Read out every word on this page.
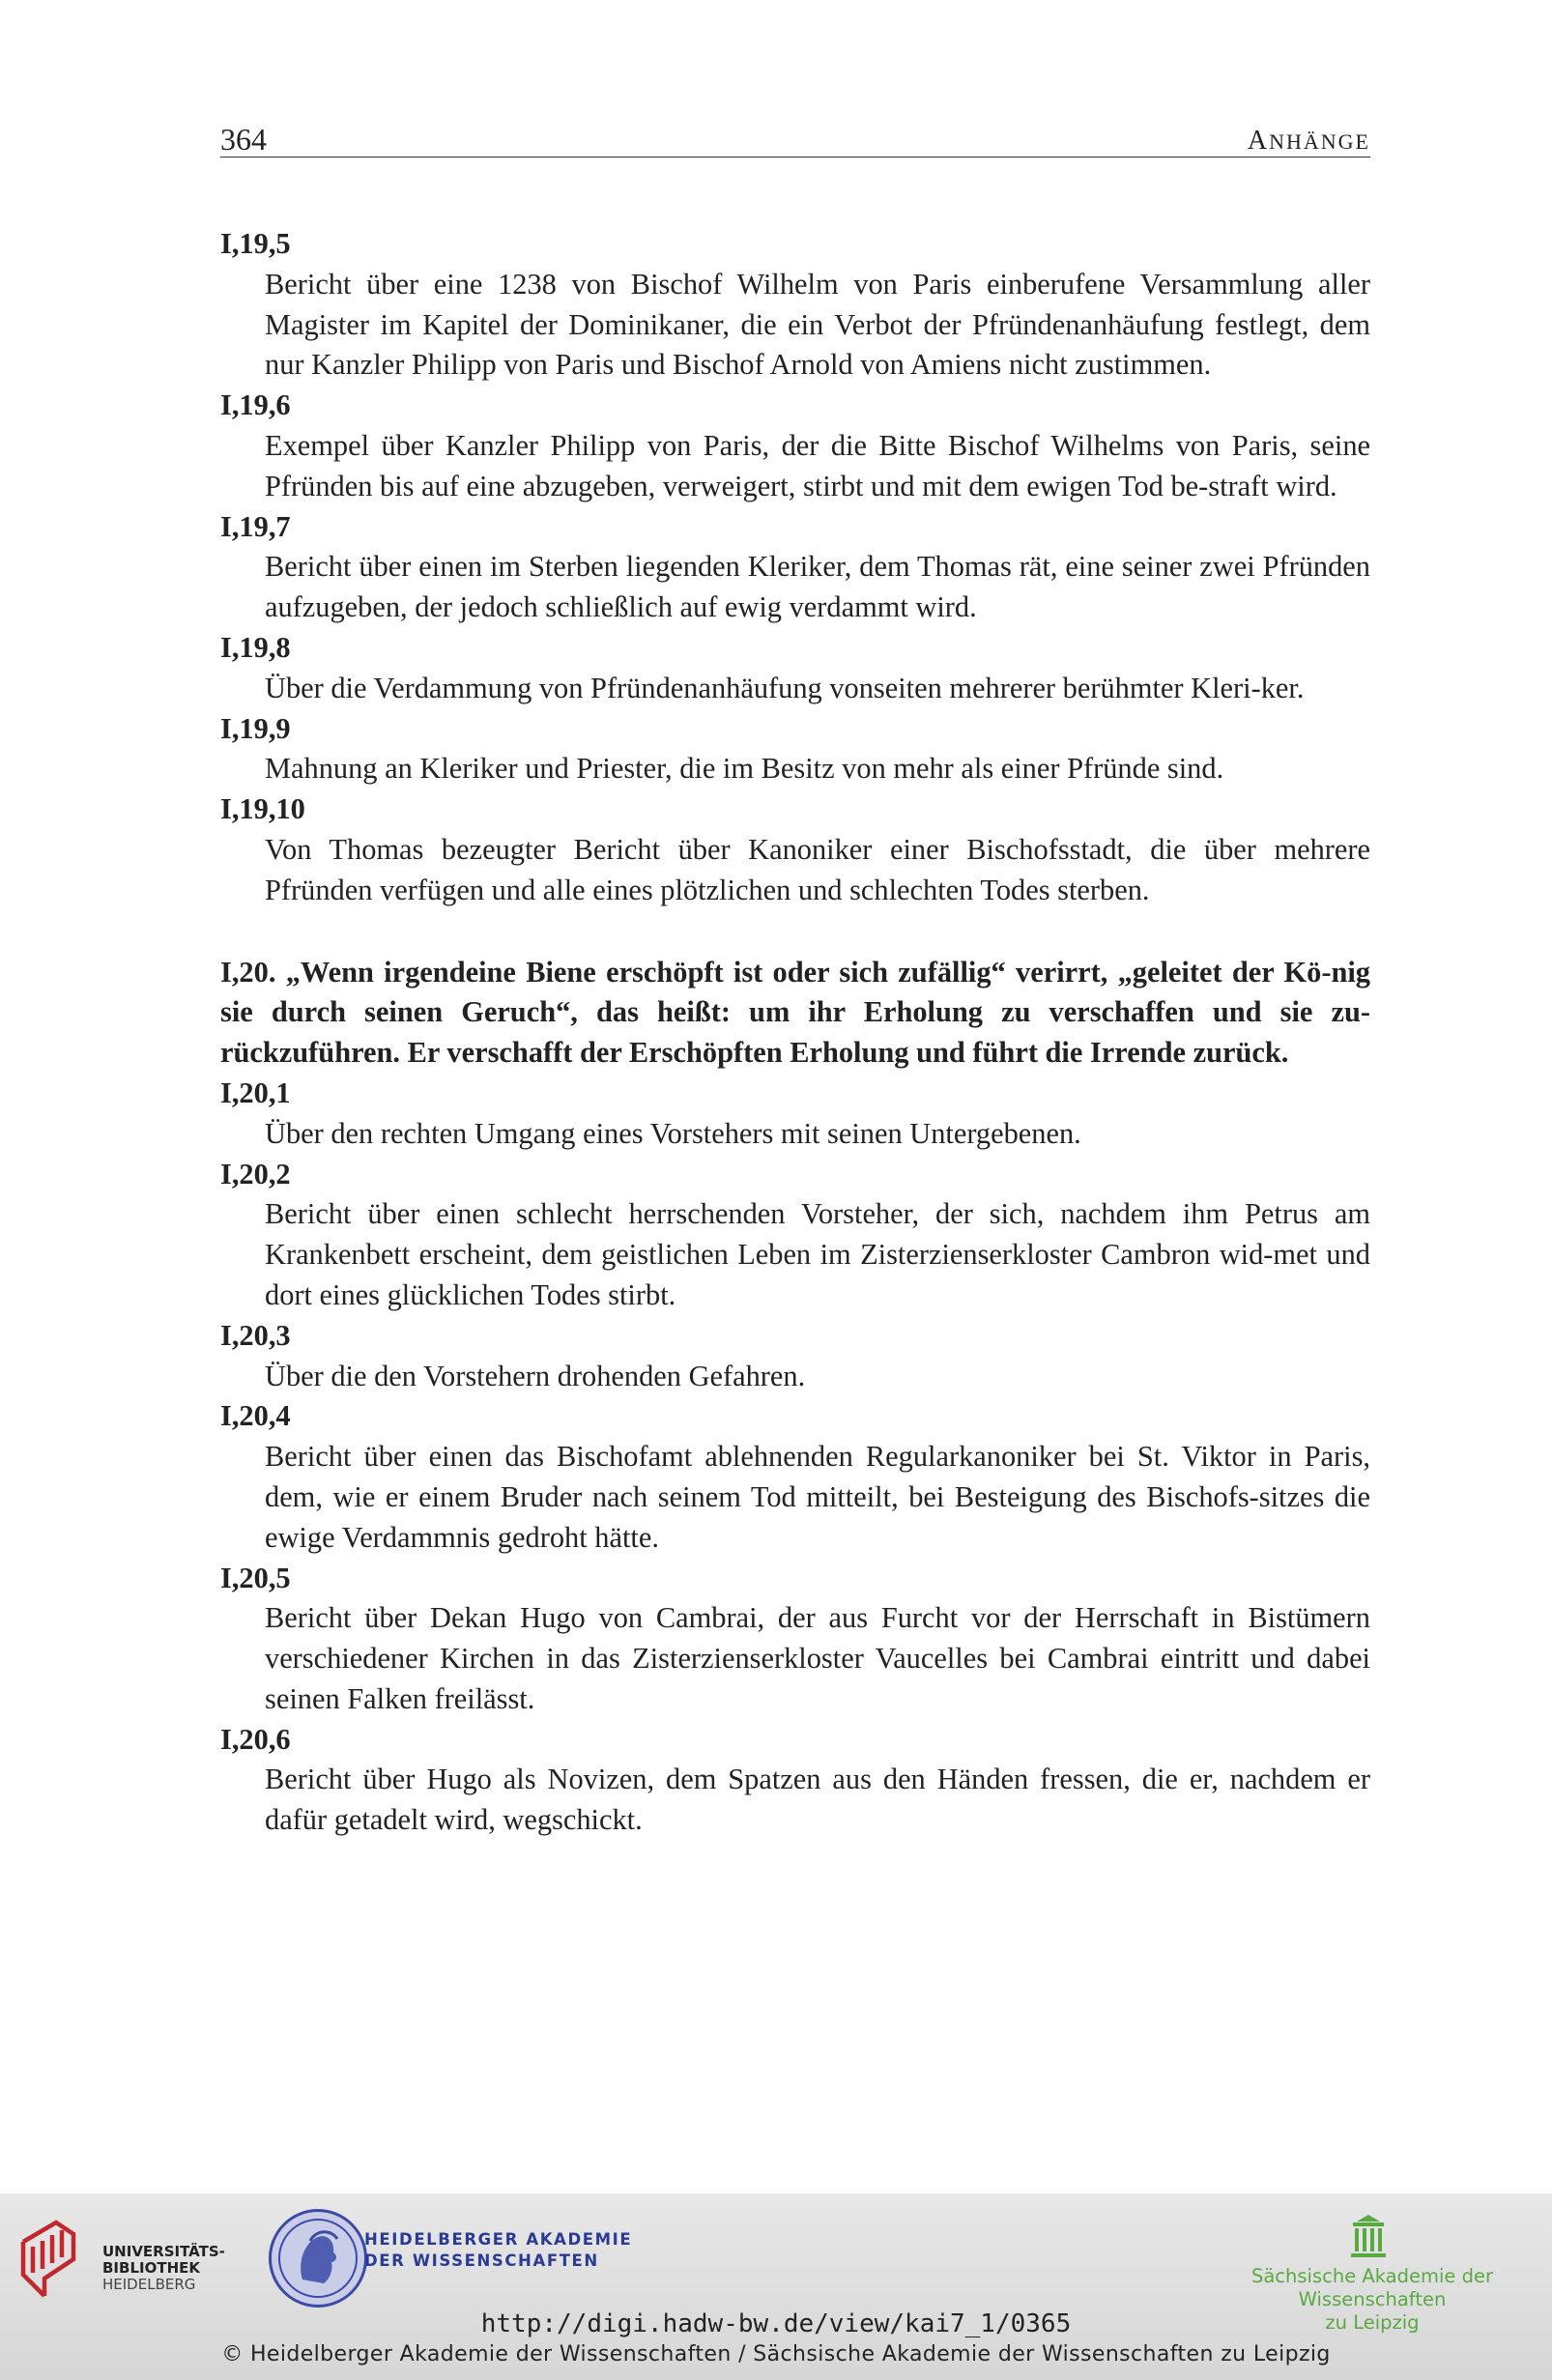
364	ANHÄNGE
I,19,5
Bericht über eine 1238 von Bischof Wilhelm von Paris einberufene Versammlung aller Magister im Kapitel der Dominikaner, die ein Verbot der Pfründenanhäufung festlegt, dem nur Kanzler Philipp von Paris und Bischof Arnold von Amiens nicht zustimmen.
I,19,6
Exempel über Kanzler Philipp von Paris, der die Bitte Bischof Wilhelms von Paris, seine Pfründen bis auf eine abzugeben, verweigert, stirbt und mit dem ewigen Tod be-straft wird.
I,19,7
Bericht über einen im Sterben liegenden Kleriker, dem Thomas rät, eine seiner zwei Pfründen aufzugeben, der jedoch schließlich auf ewig verdammt wird.
I,19,8
Über die Verdammung von Pfründenanhäufung vonseiten mehrerer berühmter Kleri-ker.
I,19,9
Mahnung an Kleriker und Priester, die im Besitz von mehr als einer Pfründe sind.
I,19,10
Von Thomas bezeugter Bericht über Kanoniker einer Bischofsstadt, die über mehrere Pfründen verfügen und alle eines plötzlichen und schlechten Todes sterben.
I,20. „Wenn irgendeine Biene erschöpft ist oder sich zufällig“ verirrt, „geleitet der Kö-nig sie durch seinen Geruch“, das heißt: um ihr Erholung zu verschaffen und sie zu-rückzuführen. Er verschafft der Erschöpften Erholung und führt die Irrende zurück.
I,20,1
Über den rechten Umgang eines Vorstehers mit seinen Untergebenen.
I,20,2
Bericht über einen schlecht herrschenden Vorsteher, der sich, nachdem ihm Petrus am Krankenbett erscheint, dem geistlichen Leben im Zisterzienserkloster Cambron wid-met und dort eines glücklichen Todes stirbt.
I,20,3
Über die den Vorstehern drohenden Gefahren.
I,20,4
Bericht über einen das Bischofamt ablehnenden Regularkanoniker bei St. Viktor in Paris, dem, wie er einem Bruder nach seinem Tod mitteilt, bei Besteigung des Bischofs-sitzes die ewige Verdammnis gedroht hätte.
I,20,5
Bericht über Dekan Hugo von Cambrai, der aus Furcht vor der Herrschaft in Bistümern verschiedener Kirchen in das Zisterzienserkloster Vaucelles bei Cambrai eintritt und dabei seinen Falken freilässt.
I,20,6
Bericht über Hugo als Novizen, dem Spatzen aus den Händen fressen, die er, nachdem er dafür getadelt wird, wegschickt.
UNIVERSITÄTS-
BIBLIOTHEK
HEIDELBERG
HEIDELBERGER AKADEMIE
DER WISSENSCHAFTEN
Sächsische Akademie der Wissenschaften
zu Leipzig
http://digi.hadw-bw.de/view/kai7_1/0365
© Heidelberger Akademie der Wissenschaften / Sächsische Akademie der Wissenschaften zu Leipzig
